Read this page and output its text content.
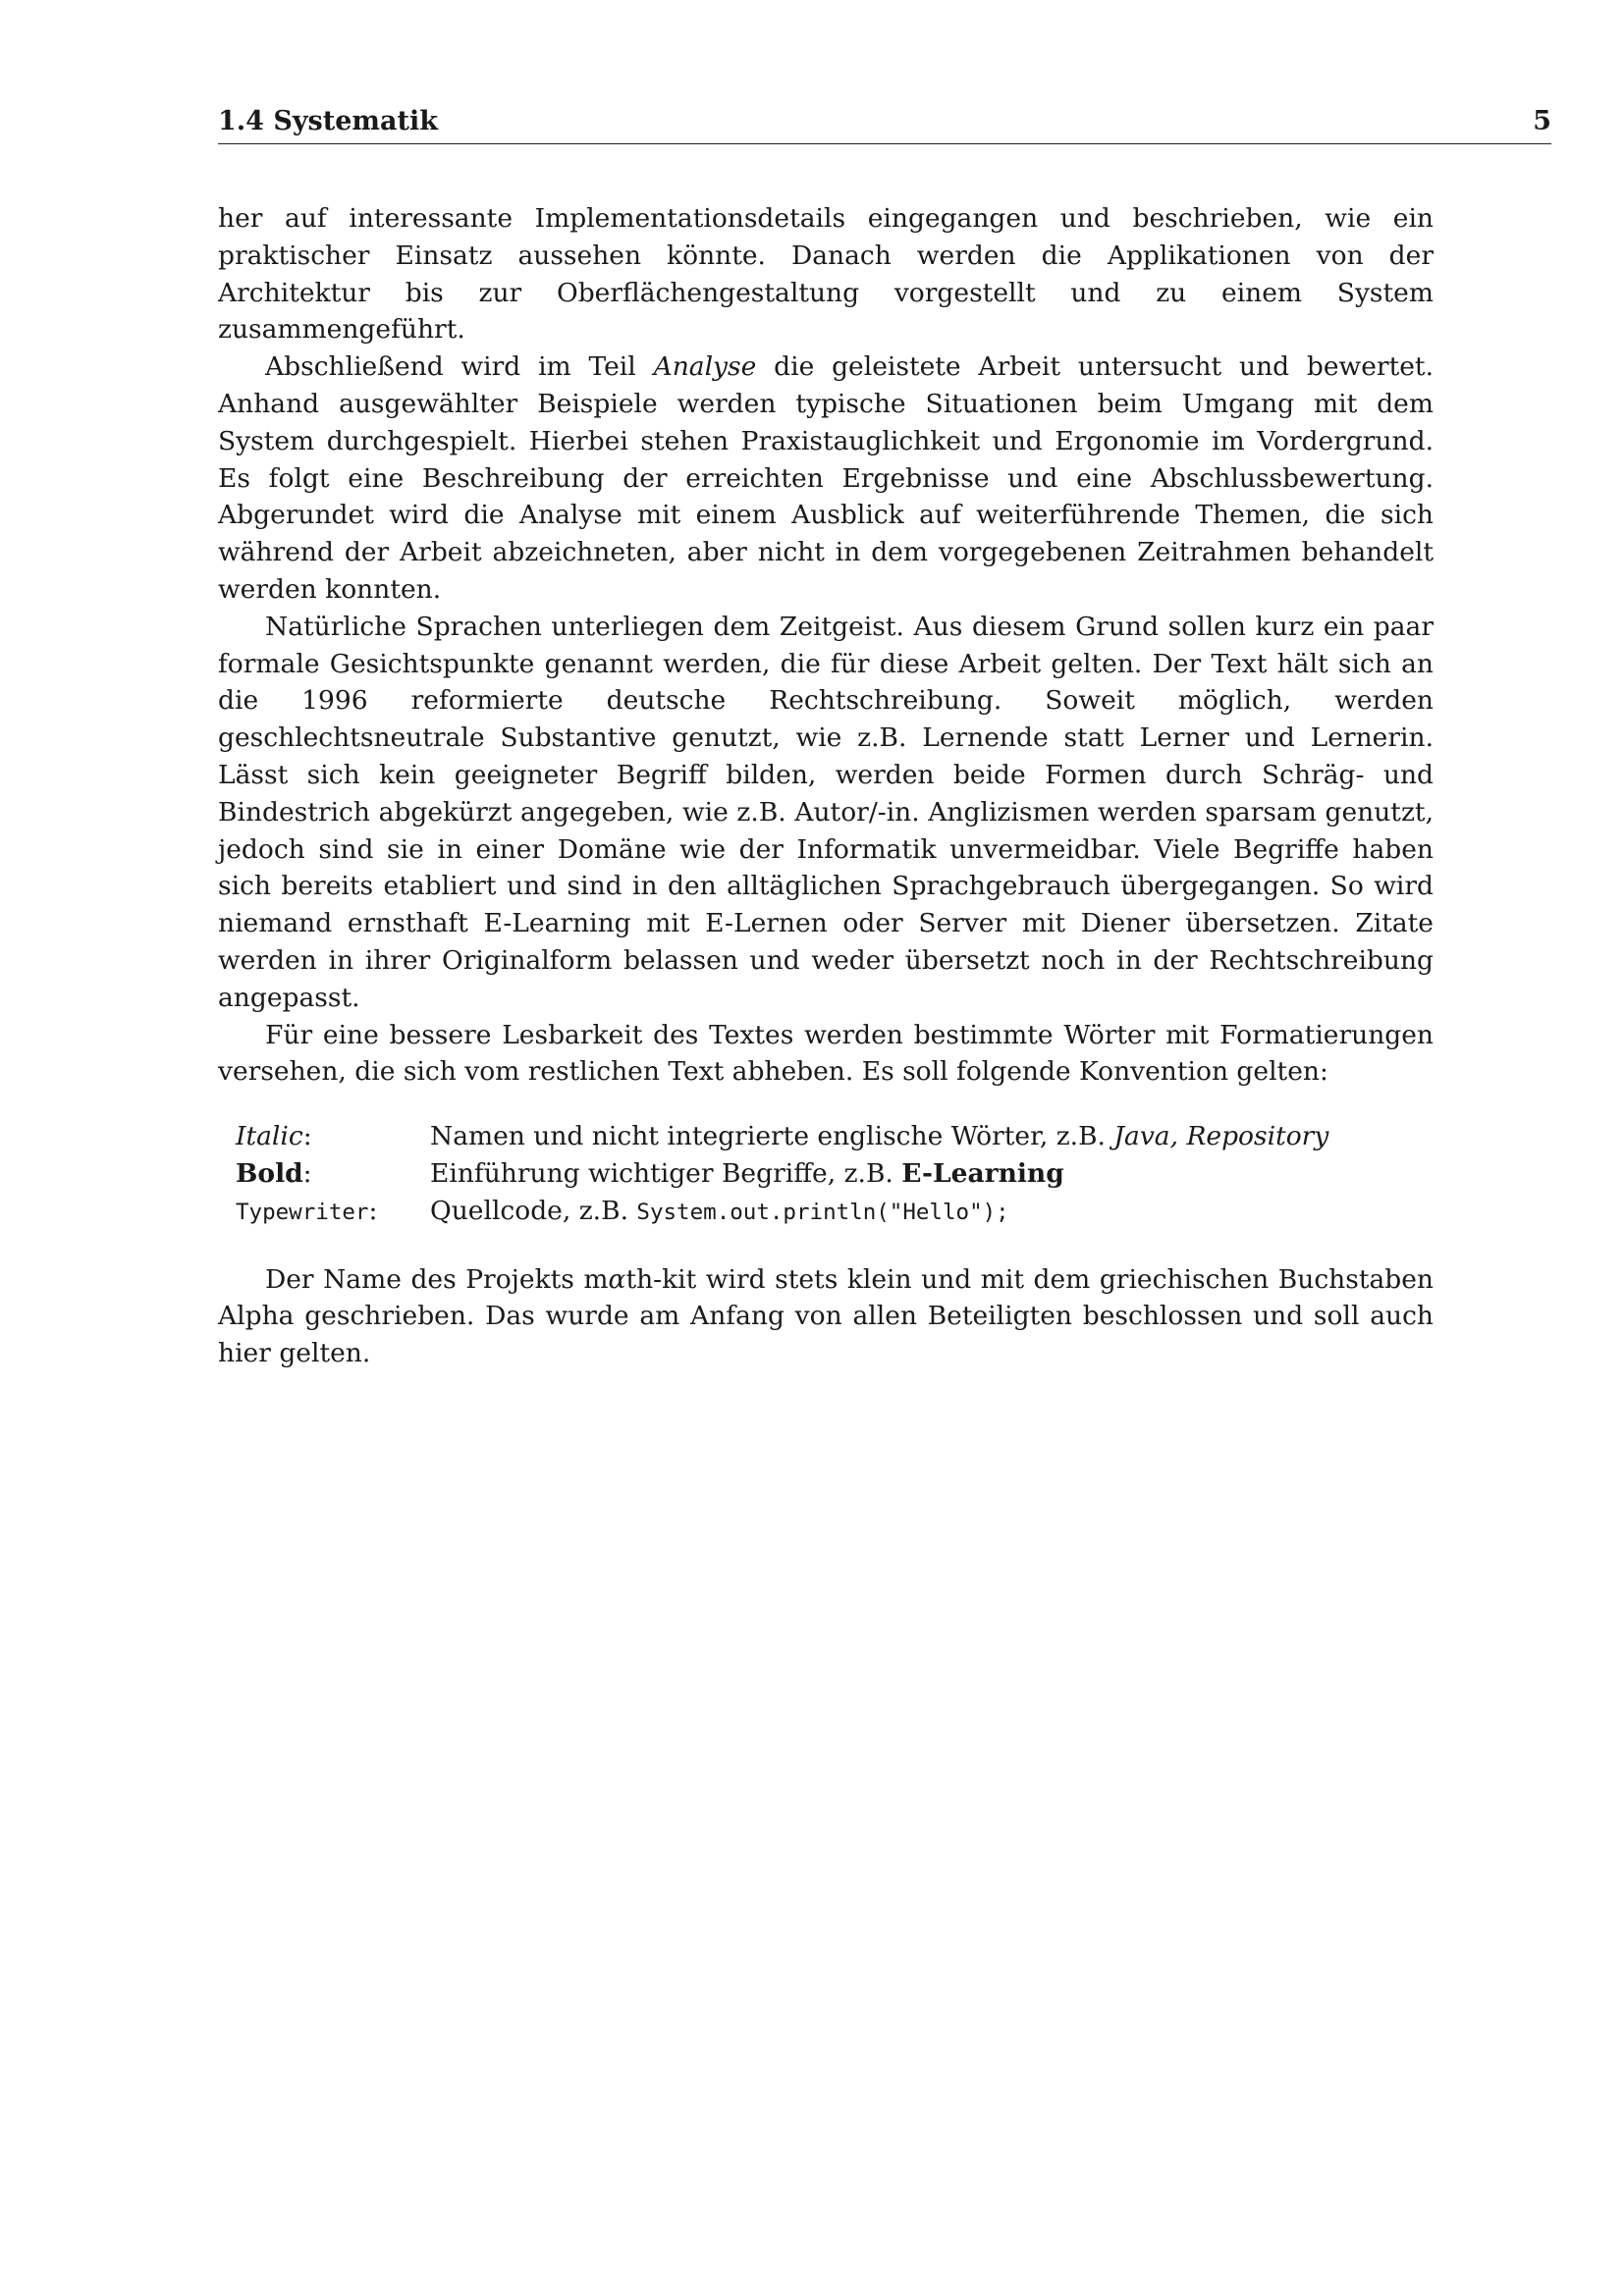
1.4 Systematik	5

her auf interessante Implementationsdetails eingegangen und beschrieben, wie ein praktischer Einsatz aussehen könnte. Danach werden die Applikationen von der Architektur bis zur Oberflächengestaltung vorgestellt und zu einem System zusammengeführt.

Abschließend wird im Teil Analyse die geleistete Arbeit untersucht und bewertet. Anhand ausgewählter Beispiele werden typische Situationen beim Umgang mit dem System durchgespielt. Hierbei stehen Praxistauglichkeit und Ergonomie im Vordergrund. Es folgt eine Beschreibung der erreichten Ergebnisse und eine Abschlussbewertung. Abgerundet wird die Analyse mit einem Ausblick auf weiterführende Themen, die sich während der Arbeit abzeichneten, aber nicht in dem vorgegebenen Zeitrahmen behandelt werden konnten.

Natürliche Sprachen unterliegen dem Zeitgeist. Aus diesem Grund sollen kurz ein paar formale Gesichtspunkte genannt werden, die für diese Arbeit gelten. Der Text hält sich an die 1996 reformierte deutsche Rechtschreibung. Soweit möglich, werden geschlechtsneutrale Substantive genutzt, wie z.B. Lernende statt Lerner und Lernerin. Lässt sich kein geeigneter Begriff bilden, werden beide Formen durch Schräg- und Bindestrich abgekürzt angegeben, wie z.B. Autor/-in. Anglizismen werden sparsam genutzt, jedoch sind sie in einer Domäne wie der Informatik unvermeidbar. Viele Begriffe haben sich bereits etabliert und sind in den alltäglichen Sprachgebrauch übergegangen. So wird niemand ernsthaft E-Learning mit E-Lernen oder Server mit Diener übersetzen. Zitate werden in ihrer Originalform belassen und weder übersetzt noch in der Rechtschreibung angepasst.

Für eine bessere Lesbarkeit des Textes werden bestimmte Wörter mit Formatierungen versehen, die sich vom restlichen Text abheben. Es soll folgende Konvention gelten:

Italic:	Namen und nicht integrierte englische Wörter, z.B. Java, Repository
Bold:	Einführung wichtiger Begriffe, z.B. E-Learning
Typewriter:	Quellcode, z.B. System.out.println("Hello");

Der Name des Projekts mαth-kit wird stets klein und mit dem griechischen Buchstaben Alpha geschrieben. Das wurde am Anfang von allen Beteiligten beschlossen und soll auch hier gelten.
